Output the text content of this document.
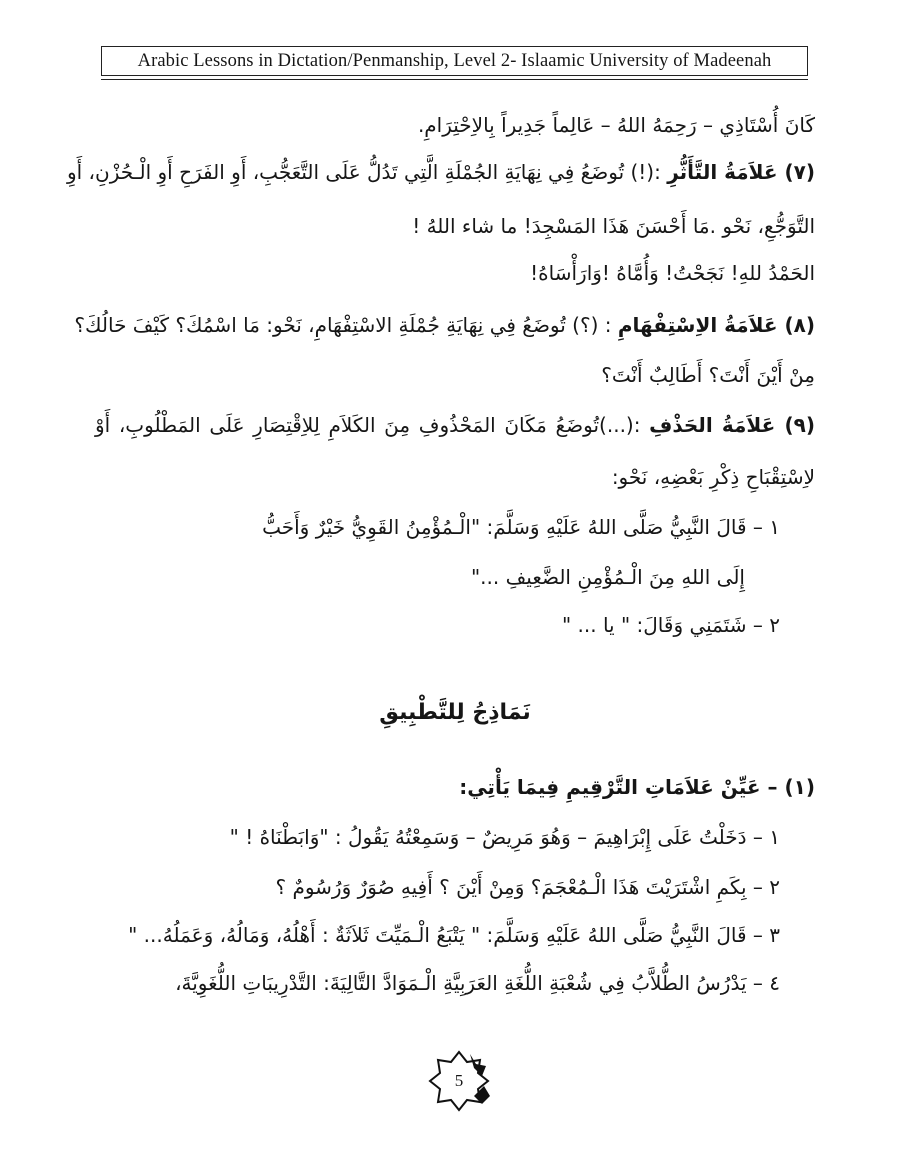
Arabic Lessons in Dictation/Penmanship, Level 2- Islaamic University of Madeenah
كَانَ أُسْتَاذِي – رَحِمَهُ اللهُ – عَالِماً جَدِيراً بِالاِحْتِرَامِ.
(٧) عَلاَمَةُ التَّأَثُّرِ :(!) تُوضَعُ فِي نِهَايَةِ الجُمْلَةِ الَّتِي تَدُلُّ عَلَى التَّعَجُّبِ، أَوِ الفَرَحِ أَوِ الْـحُزْنِ، أَوِ
التَّوَجُّعِ، نَحْو .مَا أَحْسَنَ هَذَا المَسْجِدَ! ما شاء اللهُ !
الحَمْدُ للهِ! نَجَحْتُ! وَأُمَّاهُ !وَارَأْسَاهُ!
(٨) عَلاَمَةُ الاِسْتِفْهَامِ : (؟) تُوضَعُ فِي نِهَايَةِ جُمْلَةِ الاسْتِفْهَامِ، نَحْو: مَا اسْمُكَ؟ كَيْفَ حَالُكَ؟
مِنْ أَيْنَ أَنْتَ؟ أَطَالِبٌ أَنْتَ؟
(٩) عَلاَمَةُ الحَذْفِ :(...)تُوضَعُ مَكَانَ المَحْذُوفِ مِنَ الكَلاَمِ لِلاِقْتِصَارِ عَلَى المَطْلُوبِ، أَوْ
لاِسْتِقْبَاحِ ذِكْرِ بَعْضِهِ، نَحْو:
١ – قَالَ النَّبِيُّ صَلَّى اللهُ عَلَيْهِ وَسَلَّمَ: "الْـمُؤْمِنُ القَوِيُّ خَيْرٌ وَأَحَبُّ
إِلَى اللهِ مِنَ الْـمُؤْمِنِ الضَّعِيفِ ..."
٢ – شَتَمَنِي وَقَالَ: " يا ... "
نَمَاذِجُ لِلتَّطْبِيقِ
(١) – عَيِّنْ عَلاَمَاتِ التَّرْقِيمِ فِيمَا يَأْتِي:
١ – دَخَلْتُ عَلَى إِبْرَاهِيمَ – وَهُوَ مَرِيضٌ – وَسَمِعْتُهُ يَقُولُ : "وَابَطْنَاهُ ! "
٢ – بِكَمِ اشْتَرَيْتَ هَذَا الْـمُعْجَمَ؟ وَمِنْ أَيْنَ ؟ أَفِيهِ صُوَرٌ وَرُسُومٌ ؟
٣ – قَالَ النَّبِيُّ صَلَّى اللهُ عَلَيْهِ وَسَلَّمَ: " يَتْبَعُ الْـمَيِّتَ ثَلاَثَةٌ : أَهْلُهُ، وَمَالُهُ، وَعَمَلُهُ... "
٤ – يَدْرُسُ الطُّلاَّبُ فِي شُعْبَةِ اللُّغَةِ العَرَبِيَّةِ الْـمَوَادَّ التَّالِيَةَ: التَّدْرِيبَاتِ اللُّغَوِيَّةَ،
5
